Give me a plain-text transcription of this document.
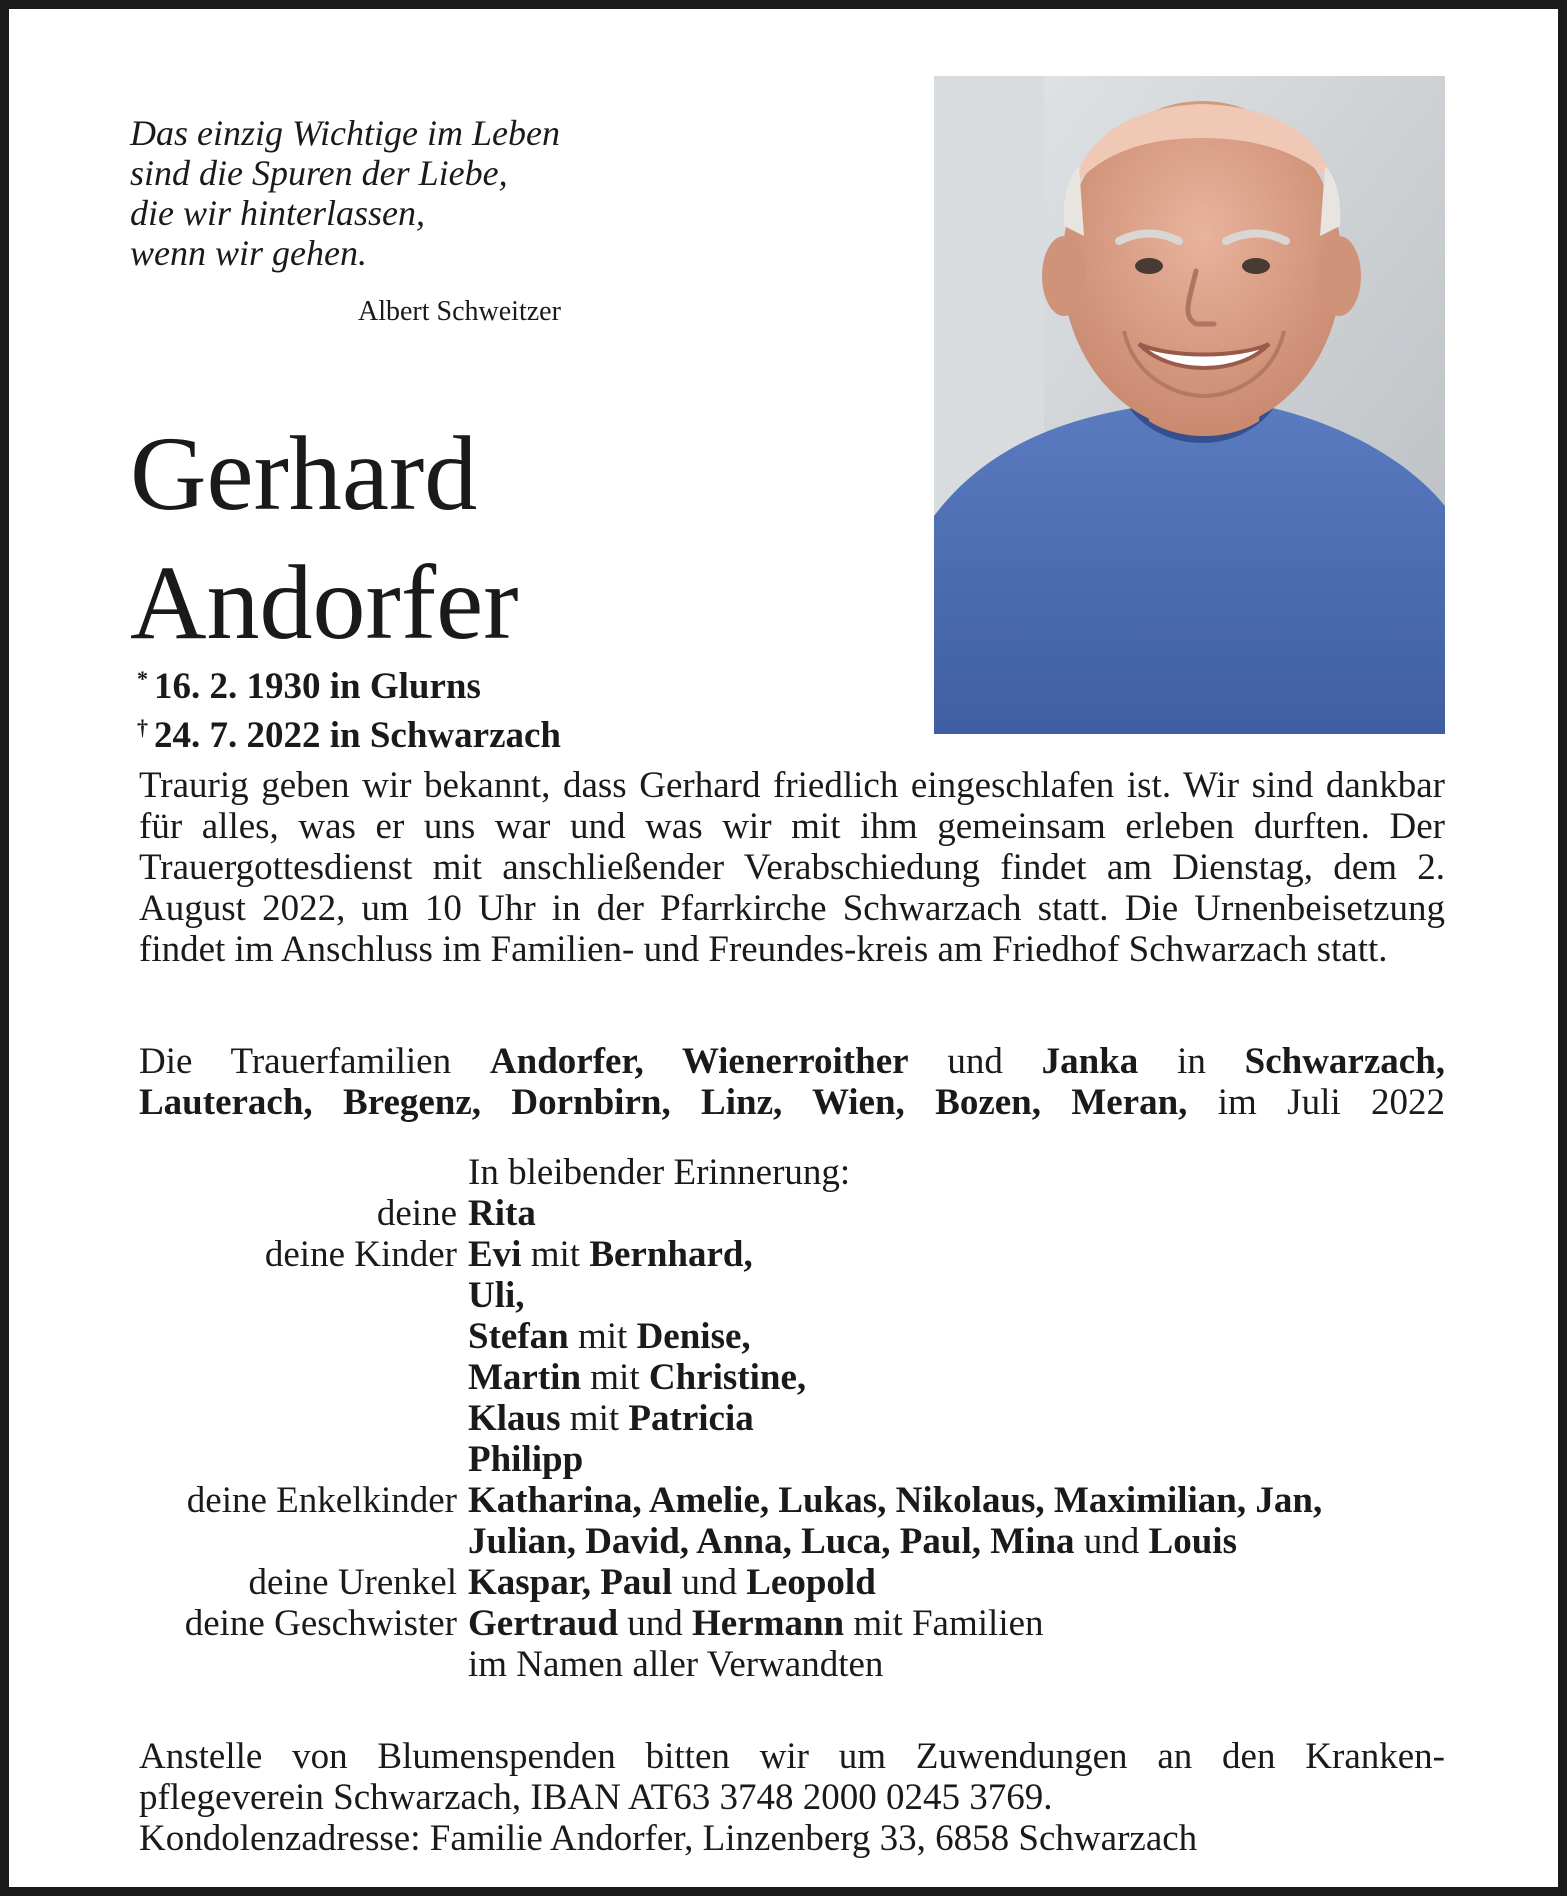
Das einzig Wichtige im Leben
sind die Spuren der Liebe,
die wir hinterlassen,
wenn wir gehen.
Albert Schweitzer
Gerhard
Andorfer
* 16. 2. 1930 in Glurns
† 24. 7. 2022 in Schwarzach
Traurig geben wir bekannt, dass Gerhard friedlich eingeschlafen ist. Wir sind dankbar für alles, was er uns war und was wir mit ihm gemeinsam erleben durften. Der Trauergottesdienst mit anschließender Verabschiedung findet am Dienstag, dem 2. August 2022, um 10 Uhr in der Pfarrkirche Schwarzach statt. Die Urnenbeisetzung findet im Anschluss im Familien- und Freundes-kreis am Friedhof Schwarzach statt.
Die Trauerfamilien Andorfer, Wienerroither und Janka in Schwarzach,
Lauterach, Bregenz, Dornbirn, Linz, Wien, Bozen, Meran, im Juli 2022
In bleibender Erinnerung:
deine Rita
deine Kinder Evi mit Bernhard,
Uli,
Stefan mit Denise,
Martin mit Christine,
Klaus mit Patricia
Philipp
deine Enkelkinder Katharina, Amelie, Lukas, Nikolaus, Maximilian, Jan,
Julian, David, Anna, Luca, Paul, Mina und Louis
deine Urenkel Kaspar, Paul und Leopold
deine Geschwister Gertraud und Hermann mit Familien
im Namen aller Verwandten
Anstelle von Blumenspenden bitten wir um Zuwendungen an den Kranken-
pflegeverein Schwarzach, IBAN AT63 3748 2000 0245 3769.
Kondolenzadresse: Familie Andorfer, Linzenberg 33, 6858 Schwarzach
